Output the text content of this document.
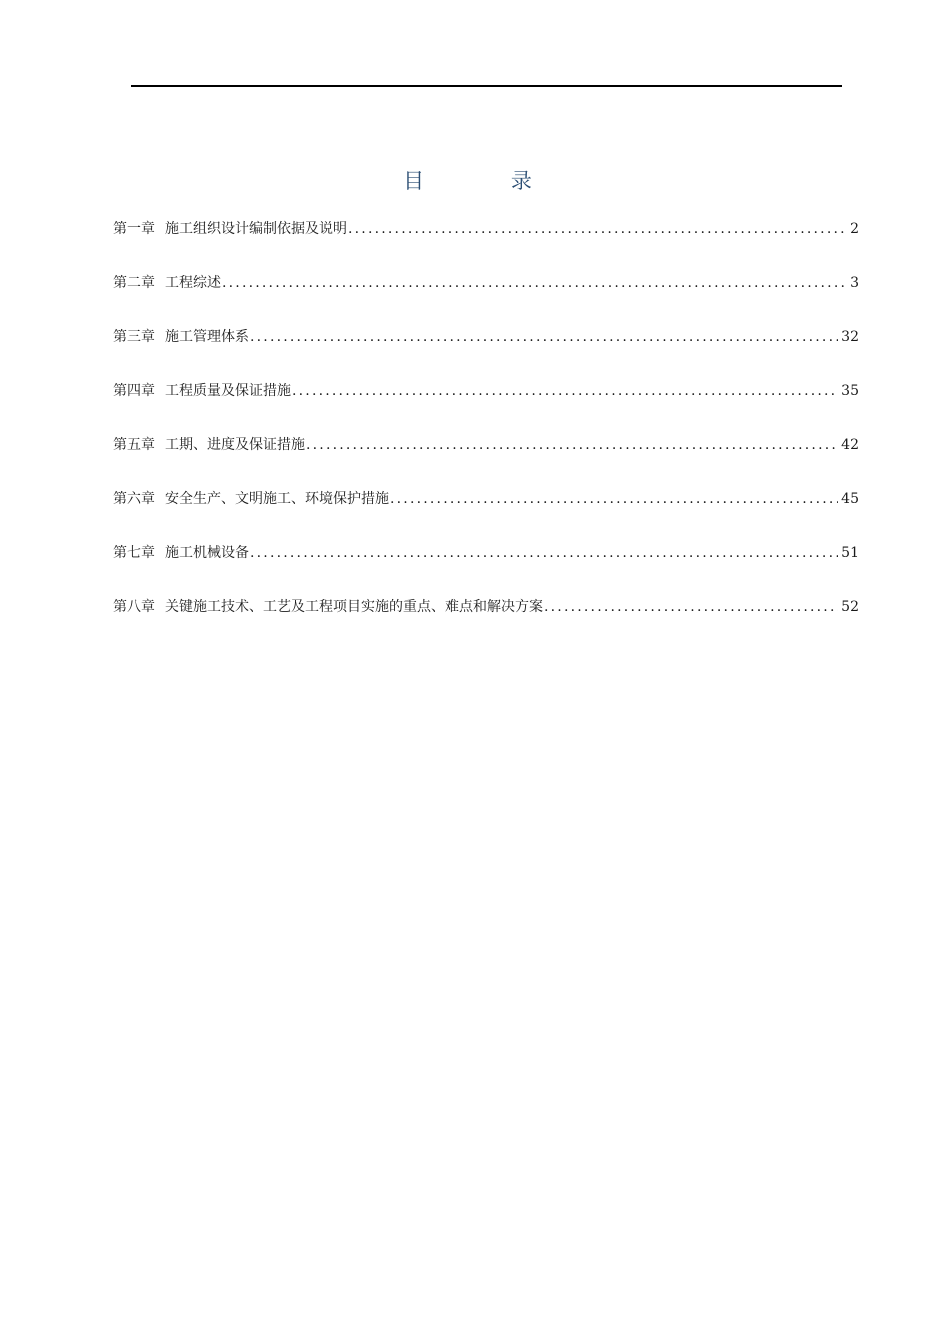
目 录
第一章 施工组织设计编制依据及说明 .....	2
第二章 工程综述 .....	3
第三章 施工管理体系 .....	32
第四章 工程质量及保证措施 .....	35
第五章 工期、进度及保证措施 .....	42
第六章 安全生产、文明施工、环境保护措施 .....	45
第七章 施工机械设备 .....	51
第八章 关键施工技术、工艺及工程项目实施的重点、难点和解决方案 .....	52
